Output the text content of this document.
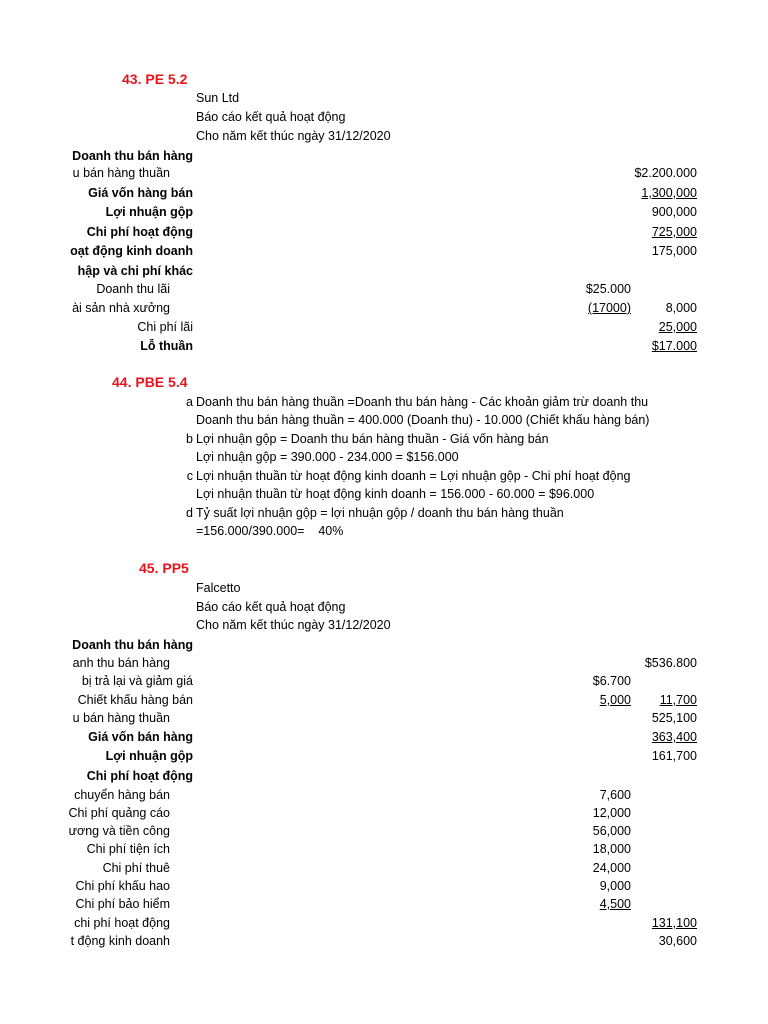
43. PE 5.2
Sun Ltd
Báo cáo kết quả hoạt động
Cho năm kết thúc ngày 31/12/2020
Doanh thu bán hàng
u bán hàng thuần	$2.200.000
Giá vốn hàng bán	1,300,000
Lợi nhuận gộp	900,000
Chi phí hoạt động	725,000
oạt động kinh doanh	175,000
hập và chi phí khác
Doanh thu lãi	$25.000
ài sản nhà xưởng	(17000)	8,000
Chi phí lãi	25,000
Lỗ thuần	$17.000
44. PBE 5.4
a Doanh thu bán hàng thuần =Doanh thu bán hàng - Các khoản giảm trừ doanh thu
Doanh thu bán hàng thuần = 400.000 (Doanh thu) - 10.000 (Chiết khấu hàng bán)
b Lợi nhuận gộp = Doanh thu bán hàng thuần - Giá vốn hàng bán
Lợi nhuận gộp = 390.000 - 234.000 = $156.000
c Lợi nhuận thuần từ hoạt động kinh doanh = Lợi nhuận gộp - Chi phí hoạt động
Lợi nhuận thuần từ hoạt động kinh doanh = 156.000 - 60.000 = $96.000
d Tỷ suất lợi nhuận gộp = lợi nhuận gộp / doanh thu bán hàng thuần
=156.000/390.000=    40%
45. PP5
Falcetto
Báo cáo kết quả hoạt động
Cho năm kết thúc ngày 31/12/2020
Doanh thu bán hàng
anh thu bán hàng	$536.800
bị trả lại và giảm giá	$6.700
Chiết khấu hàng bán	5,000 11,700
u bán hàng thuần	525,100
Giá vốn bán hàng	363,400
Lợi nhuận gộp	161,700
Chi phí hoạt động
chuyển hàng bán	7,600
Chi phí quảng cáo	12,000
ương và tiền công	56,000
Chi phí tiện ích	18,000
Chi phí thuê	24,000
Chi phí khấu hao	9,000
Chi phí bảo hiểm	4,500
chi phí hoạt động	131,100
t động kinh doanh	30,600
